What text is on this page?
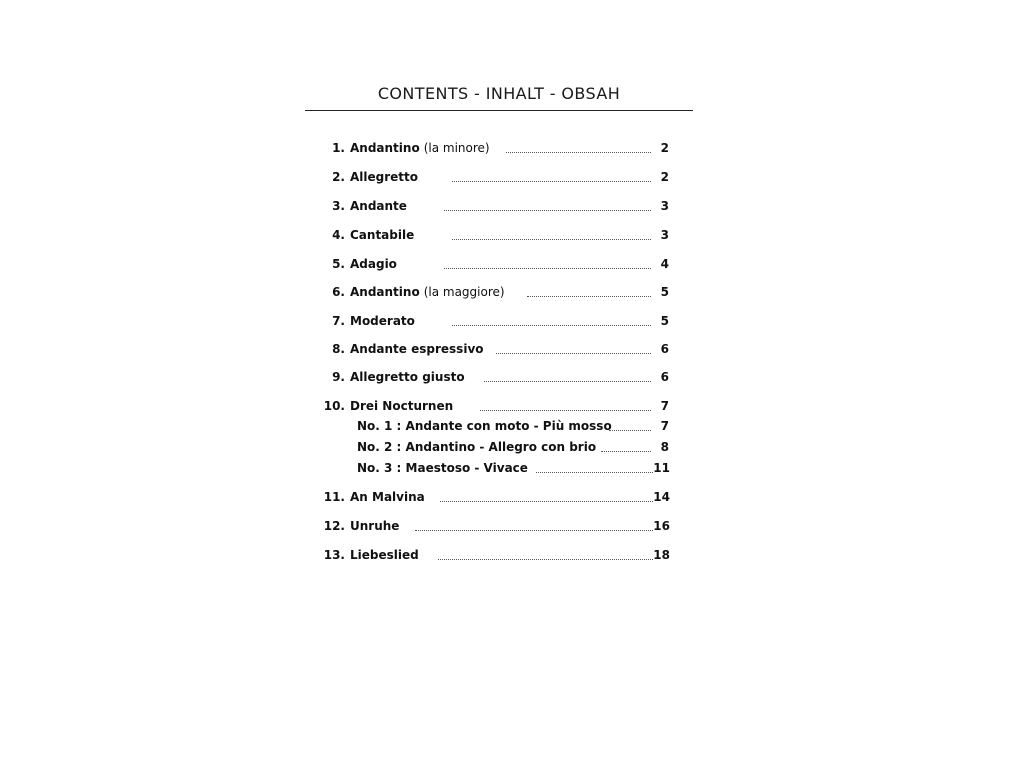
CONTENTS - INHALT - OBSAH
1. Andantino (la minore)	2
2. Allegretto	2
3. Andante	3
4. Cantabile	3
5. Adagio	4
6. Andantino (la maggiore)	5
7. Moderato	5
8. Andante espressivo	6
9. Allegretto giusto	6
10. Drei Nocturnen	7
No. 1 : Andante con moto - Più mosso	7
No. 2 : Andantino - Allegro con brio	8
No. 3 : Maestoso - Vivace	11
11. An Malvina	14
12. Unruhe	16
13. Liebeslied	18
